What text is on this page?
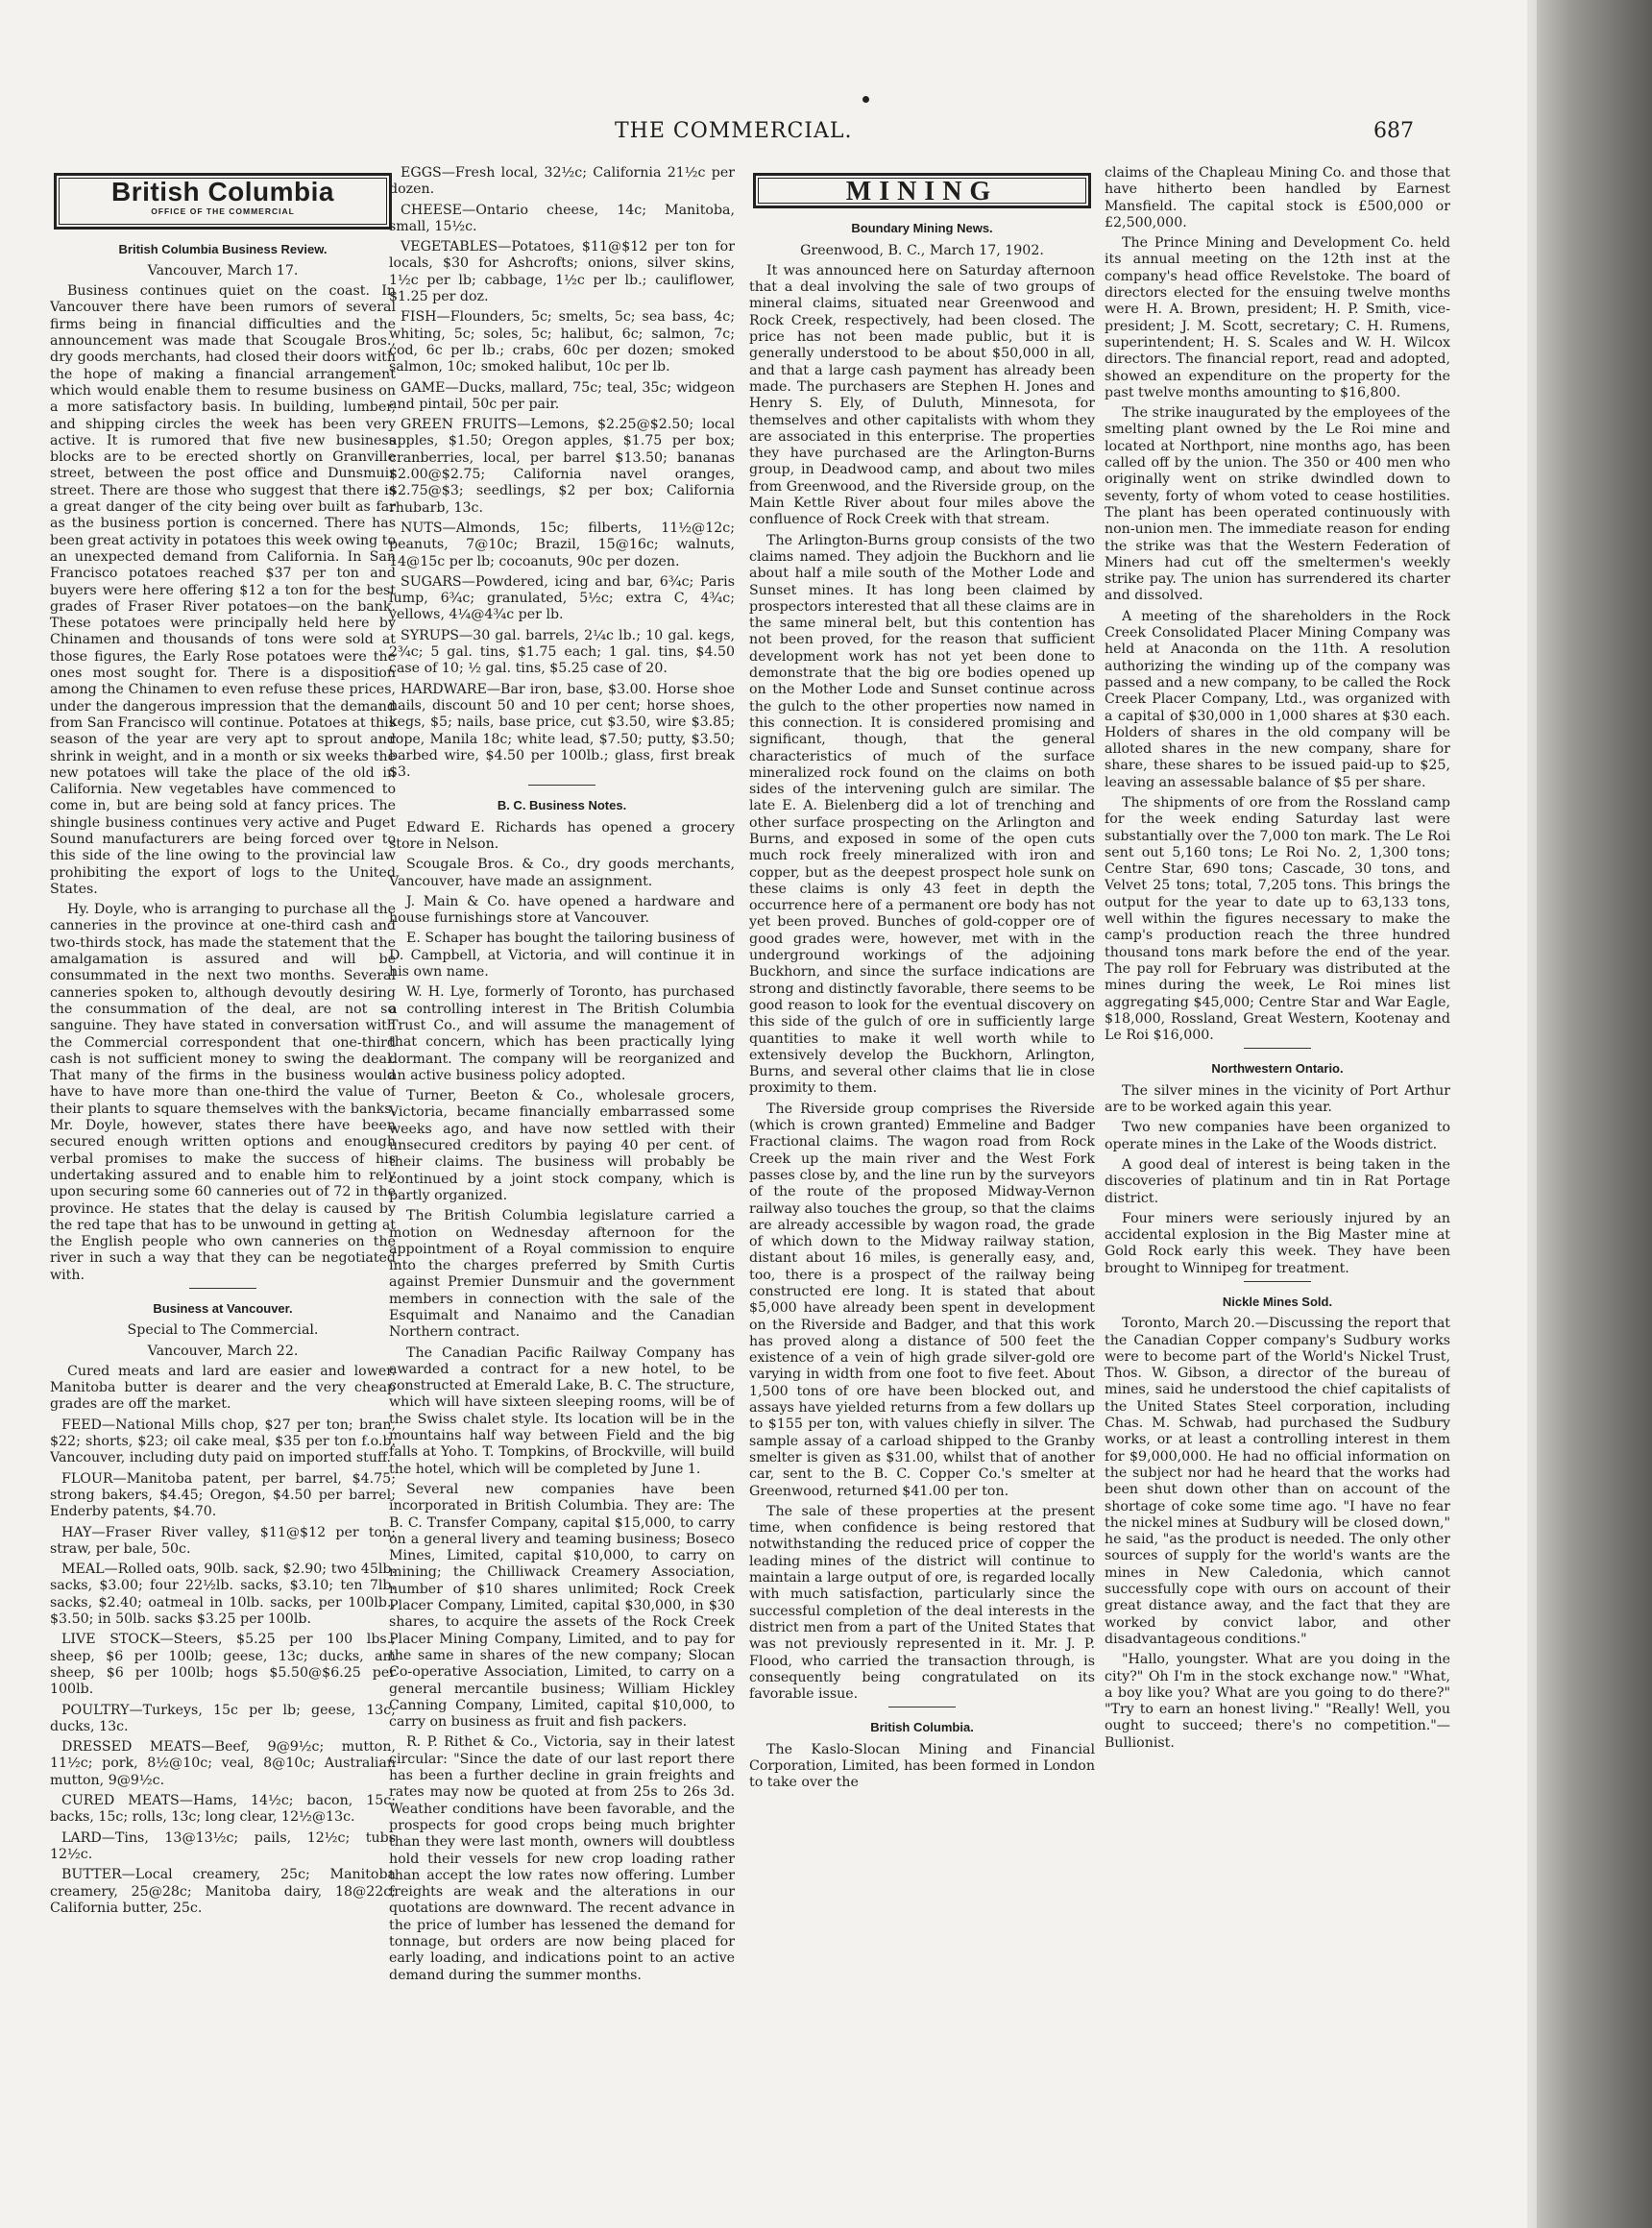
THE COMMERCIAL.	687
British Columbia
OFFICE OF THE COMMERCIAL
British Columbia Business Review.
Vancouver, March 17.

Business continues quiet on the coast. In Vancouver there have been rumors of several firms being in financial difficulties and the announcement was made that Scougale Bros., dry goods merchants, had closed their doors with the hope of making a financial arrangement which would enable them to resume business on a more satisfactory basis. In building, lumber, and shipping circles the week has been very active. It is rumored that five new business blocks are to be erected shortly on Granville street, between the post office and Dunsmuir street. There are those who suggest that there is a great danger of the city being over built as far as the business portion is concerned. There has been great activity in potatoes this week owing to an unexpected demand from California. In San Francisco potatoes reached $37 per ton and buyers were here offering $12 a ton for the best grades of Fraser River potatoes—on the bank. These potatoes were principally held here by Chinamen and thousands of tons were sold at those figures, the Early Rose potatoes were the ones most sought for. There is a disposition among the Chinamen to even refuse these prices, under the dangerous impression that the demand from San Francisco will continue. Potatoes at this season of the year are very apt to sprout and shrink in weight, and in a month or six weeks the new potatoes will take the place of the old in California. New vegetables have commenced to come in, but are being sold at fancy prices. The shingle business continues very active and Puget Sound manufacturers are being forced over to this side of the line owing to the provincial law prohibiting the export of logs to the United States.

Hy. Doyle, who is arranging to purchase all the canneries in the province at one-third cash and two-thirds stock, has made the statement that the amalgamation is assured and will be consummated in the next two months. Several canneries spoken to, although devoutly desiring the consummation of the deal, are not so sanguine. They have stated in conversation with the Commercial correspondent that one-third cash is not sufficient money to swing the deal. That many of the firms in the business would have to have more than one-third the value of their plants to square themselves with the banks. Mr. Doyle, however, states there have been secured enough written options and enough verbal promises to make the success of his undertaking assured and to enable him to rely upon securing some 60 canneries out of 72 in the province. He states that the delay is caused by the red tape that has to be unwound in getting at the English people who own canneries on the river in such a way that they can be negotiated with.

Business at Vancouver.
Special to The Commercial.
Vancouver, March 22.

Cured meats and lard are easier and lower. Manitoba butter is dearer and the very cheap grades are off the market.

FEED—National Mills chop, $27 per ton; bran, $22; shorts, $23; oil cake meal, $35 per ton f.o.b. Vancouver, including duty paid on imported stuff.

FLOUR—Manitoba patent, per barrel, $4.75; strong bakers, $4.45; Oregon, $4.50 per barrel; Enderby patents, $4.70.

HAY—Fraser River valley, $11@$12 per ton; straw, per bale, 50c.

MEAL—Rolled oats, 90lb. sack, $2.90; two 45lb. sacks, $3.00; four 22½lb. sacks, $3.10; ten 7lb. sacks, $2.40; oatmeal in 10lb. sacks, per 100lb., $3.50; in 50lb. sacks $3.25 per 100lb.

LIVE STOCK—Steers, $5.25 per 100 lbs.; sheep, $6 per 100lb; geese, 13c; ducks, am sheep, $6 per 100lb; hogs $5.50@$6.25 per 100lb.

POULTRY—Turkeys, 15c per lb; geese, 13c; ducks, 13c.

DRESSED MEATS—Beef, 9@9½c; mutton, 11½c; pork, 8½@10c; veal, 8@10c; Australian mutton, 9@9½c.

CURED MEATS—Hams, 14½c; bacon, 15c; backs, 15c; rolls, 13c; long clear, 12½@13c.

LARD—Tins, 13@13½c; pails, 12½c; tubs 12½c.

BUTTER—Local creamery, 25c; Manitoba creamery, 25@28c; Manitoba dairy, 18@22c; California butter, 25c.

EGGS—Fresh local, 32½c; California 21½c per dozen.

CHEESE—Ontario cheese, 14c; Manitoba, small, 15½c.

VEGETABLES—Potatoes, $11@$12 per ton for locals, $30 for Ashcrofts; onions, silver skins, 1½c per lb; cabbage, 1½c per lb.; cauliflower, $1.25 per doz.

FISH—Flounders, 5c; smelts, 5c; sea bass, 4c; whiting, 5c; soles, 5c; halibut, 6c; salmon, 7c; cod, 6c per lb.; crabs, 60c per dozen; smoked salmon, 10c; smoked halibut, 10c per lb.

GAME—Ducks, mallard, 75c; teal, 35c; widgeon and pintail, 50c per pair.

GREEN FRUITS—Lemons, $2.25@$2.50; local apples, $1.50; Oregon apples, $1.75 per box; cranberries, local, per barrel $13.50; bananas $2.00@$2.75; California navel oranges, $2.75@$3; seedlings, $2 per box; California rhubarb, 13c.

NUTS—Almonds, 15c; filberts, 11½@12c; peanuts, 7@10c; Brazil, 15@16c; walnuts, 14@15c per lb; cocoanuts, 90c per dozen.

SUGARS—Powdered, icing and bar, 6¾c; Paris lump, 6¾c; granulated, 5½c; extra C, 4¾c; yellows, 4¼@4¾c per lb.

SYRUPS—30 gal. barrels, 2¼c lb.; 10 gal. kegs, 2¾c; 5 gal. tins, $1.75 each; 1 gal. tins, $4.50 case of 10; ½ gal. tins, $5.25 case of 20.

HARDWARE—Bar iron, base, $3.00. Horse shoe nails, discount 50 and 10 per cent; horse shoes, kegs, $5; nails, base price, cut $3.50, wire $3.85; rope, Manila 18c; white lead, $7.50; putty, $3.50; barbed wire, $4.50 per 100lb.; glass, first break $3.

B. C. Business Notes.

Edward E. Richards has opened a grocery store in Nelson.

Scougale Bros. & Co., dry goods merchants, Vancouver, have made an assignment.

J. Main & Co. have opened a hardware and house furnishings store at Vancouver.

E. Schaper has bought the tailoring business of D. Campbell, at Victoria, and will continue it in his own name.

W. H. Lye, formerly of Toronto, has purchased a controlling interest in The British Columbia Trust Co., and will assume the management of that concern, which has been practically lying dormant. The company will be reorganized and an active business policy adopted.

Turner, Beeton & Co., wholesale grocers, Victoria, became financially embarrassed some weeks ago, and have now settled with their unsecured creditors by paying 40 per cent. of their claims. The business will probably be continued by a joint stock company, which is partly organized.

The British Columbia legislature carried a motion on Wednesday afternoon for the appointment of a Royal commission to enquire into the charges preferred by Smith Curtis against Premier Dunsmuir and the government members in connection with the sale of the Esquimalt and Nanaimo and the Canadian Northern contract.

The Canadian Pacific Railway Company has awarded a contract for a new hotel, to be constructed at Emerald Lake, B. C. The structure, which will have sixteen sleeping rooms, will be of the Swiss chalet style. Its location will be in the mountains half way between Field and the big falls at Yoho. T. Tompkins, of Brockville, will build the hotel, which will be completed by June 1.

Several new companies have been incorporated in British Columbia. They are: The B. C. Transfer Company, capital $15,000, to carry on a general livery and teaming business; Boseco Mines, Limited, capital $10,000, to carry on mining; the Chilliwack Creamery Association, number of $10 shares unlimited; Rock Creek Placer Company, Limited, capital $30,000, in $30 shares, to acquire the assets of the Rock Creek Placer Mining Company, Limited, and to pay for the same in shares of the new company; Slocan Co-operative Association, Limited, to carry on a general mercantile business; William Hickley Canning Company, Limited, capital $10,000, to carry on business as fruit and fish packers.

R. P. Rithet & Co., Victoria, say in their latest circular: "Since the date of our last report there has been a further decline in grain freights and rates may now be quoted at from 25s to 26s 3d. Weather conditions have been favorable, and the prospects for good crops being much brighter than they were last month, owners will doubtless hold their vessels for new crop loading rather than accept the low rates now offering. Lumber freights are weak and the alterations in our quotations are downward. The recent advance in the price of lumber has lessened the demand for tonnage, but orders are now being placed for early loading, and indications point to an active demand during the summer months.

MINING
Boundary Mining News.
Greenwood, B. C., March 17, 1902.

It was announced here on Saturday afternoon that a deal involving the sale of two groups of mineral claims, situated near Greenwood and Rock Creek, respectively, had been closed. The price has not been made public, but it is generally understood to be about $50,000 in all, and that a large cash payment has already been made. The purchasers are Stephen H. Jones and Henry S. Ely, of Duluth, Minnesota, for themselves and other capitalists with whom they are associated in this enterprise. The properties they have purchased are the Arlington-Burns group, in Deadwood camp, and about two miles from Greenwood, and the Riverside group, on the Main Kettle River about four miles above the confluence of Rock Creek with that stream.

The Arlington-Burns group consists of the two claims named. They adjoin the Buckhorn and lie about half a mile south of the Mother Lode and Sunset mines. It has long been claimed by prospectors interested that all these claims are in the same mineral belt, but this contention has not been proved, for the reason that sufficient development work has not yet been done to demonstrate that the big ore bodies opened up on the Mother Lode and Sunset continue across the gulch to the other properties now named in this connection. It is considered promising and significant, though, that the general characteristics of much of the surface mineralized rock found on the claims on both sides of the intervening gulch are similar. The late E. A. Bielenberg did a lot of trenching and other surface prospecting on the Arlington and Burns, and exposed in some of the open cuts much rock freely mineralized with iron and copper, but as the deepest prospect hole sunk on these claims is only 43 feet in depth the occurrence here of a permanent ore body has not yet been proved. Bunches of gold-copper ore of good grades were, however, met with in the underground workings of the adjoining Buckhorn, and since the surface indications are strong and distinctly favorable, there seems to be good reason to look for the eventual discovery on this side of the gulch of ore in sufficiently large quantities to make it well worth while to extensively develop the Buckhorn, Arlington, Burns, and several other claims that lie in close proximity to them.

The Riverside group comprises the Riverside (which is crown granted) Emmeline and Badger Fractional claims. The wagon road from Rock Creek up the main river and the West Fork passes close by, and the line run by the surveyors of the route of the proposed Midway-Vernon railway also touches the group, so that the claims are already accessible by wagon road, the grade of which down to the Midway railway station, distant about 16 miles, is generally easy, and, too, there is a prospect of the railway being constructed ere long. It is stated that about $5,000 have already been spent in development on the Riverside and Badger, and that this work has proved along a distance of 500 feet the existence of a vein of high grade silver-gold ore varying in width from one foot to five feet. About 1,500 tons of ore have been blocked out, and assays have yielded returns from a few dollars up to $155 per ton, with values chiefly in silver. The sample assay of a carload shipped to the Granby smelter is given as $31.00, whilst that of another car, sent to the B. C. Copper Co.'s smelter at Greenwood, returned $41.00 per ton.

The sale of these properties at the present time, when confidence is being restored that notwithstanding the reduced price of copper the leading mines of the district will continue to maintain a large output of ore, is regarded locally with much satisfaction, particularly since the successful completion of the deal interests in the district men from a part of the United States that was not previously represented in it. Mr. J. P. Flood, who carried the transaction through, is consequently being congratulated on its favorable issue.

British Columbia.

The Kaslo-Slocan Mining and Financial Corporation, Limited, has been formed in London to take over the

claims of the Chapleau Mining Co. and those that have hitherto been handled by Earnest Mansfield. The capital stock is £500,000 or £2,500,000.

The Prince Mining and Development Co. held its annual meeting on the 12th inst at the company's head office Revelstoke. The board of directors elected for the ensuing twelve months were H. A. Brown, president; H. P. Smith, vice-president; J. M. Scott, secretary; C. H. Rumens, superintendent; H. S. Scales and W. H. Wilcox directors. The financial report, read and adopted, showed an expenditure on the property for the past twelve months amounting to $16,800.

The strike inaugurated by the employees of the smelting plant owned by the Le Roi mine and located at Northport, nine months ago, has been called off by the union. The 350 or 400 men who originally went on strike dwindled down to seventy, forty of whom voted to cease hostilities. The plant has been operated continuously with non-union men. The immediate reason for ending the strike was that the Western Federation of Miners had cut off the smeltermen's weekly strike pay. The union has surrendered its charter and dissolved.

A meeting of the shareholders in the Rock Creek Consolidated Placer Mining Company was held at Anaconda on the 11th. A resolution authorizing the winding up of the company was passed and a new company, to be called the Rock Creek Placer Company, Ltd., was organized with a capital of $30,000 in 1,000 shares at $30 each. Holders of shares in the old company will be alloted shares in the new company, share for share, these shares to be issued paid-up to $25, leaving an assessable balance of $5 per share.

The shipments of ore from the Rossland camp for the week ending Saturday last were substantially over the 7,000 ton mark. The Le Roi sent out 5,160 tons; Le Roi No. 2, 1,300 tons; Centre Star, 690 tons; Cascade, 30 tons, and Velvet 25 tons; total, 7,205 tons. This brings the output for the year to date up to 63,133 tons, well within the figures necessary to make the camp's production reach the three hundred thousand tons mark before the end of the year. The pay roll for February was distributed at the mines during the week, Le Roi mines list aggregating $45,000; Centre Star and War Eagle, $18,000, Rossland, Great Western, Kootenay and Le Roi $16,000.

Northwestern Ontario.

The silver mines in the vicinity of Port Arthur are to be worked again this year.

Two new companies have been organized to operate mines in the Lake of the Woods district.

A good deal of interest is being taken in the discoveries of platinum and tin in Rat Portage district.

Four miners were seriously injured by an accidental explosion in the Big Master mine at Gold Rock early this week. They have been brought to Winnipeg for treatment.

Nickle Mines Sold.

Toronto, March 20.—Discussing the report that the Canadian Copper company's Sudbury works were to become part of the World's Nickel Trust, Thos. W. Gibson, a director of the bureau of mines, said he understood the chief capitalists of the United States Steel corporation, including Chas. M. Schwab, had purchased the Sudbury works, or at least a controlling interest in them for $9,000,000. He had no official information on the subject nor had he heard that the works had been shut down other than on account of the shortage of coke some time ago. "I have no fear the nickel mines at Sudbury will be closed down," he said, "as the product is needed. The only other sources of supply for the world's wants are the mines in New Caledonia, which cannot successfully cope with ours on account of their great distance away, and the fact that they are worked by convict labor, and other disadvantageous conditions."

"Hallo, youngster. What are you doing in the city?" Oh I'm in the stock exchange now." "What, a boy like you? What are you going to do there?" "Try to earn an honest living." "Really! Well, you ought to succeed; there's no competition."—Bullionist.
